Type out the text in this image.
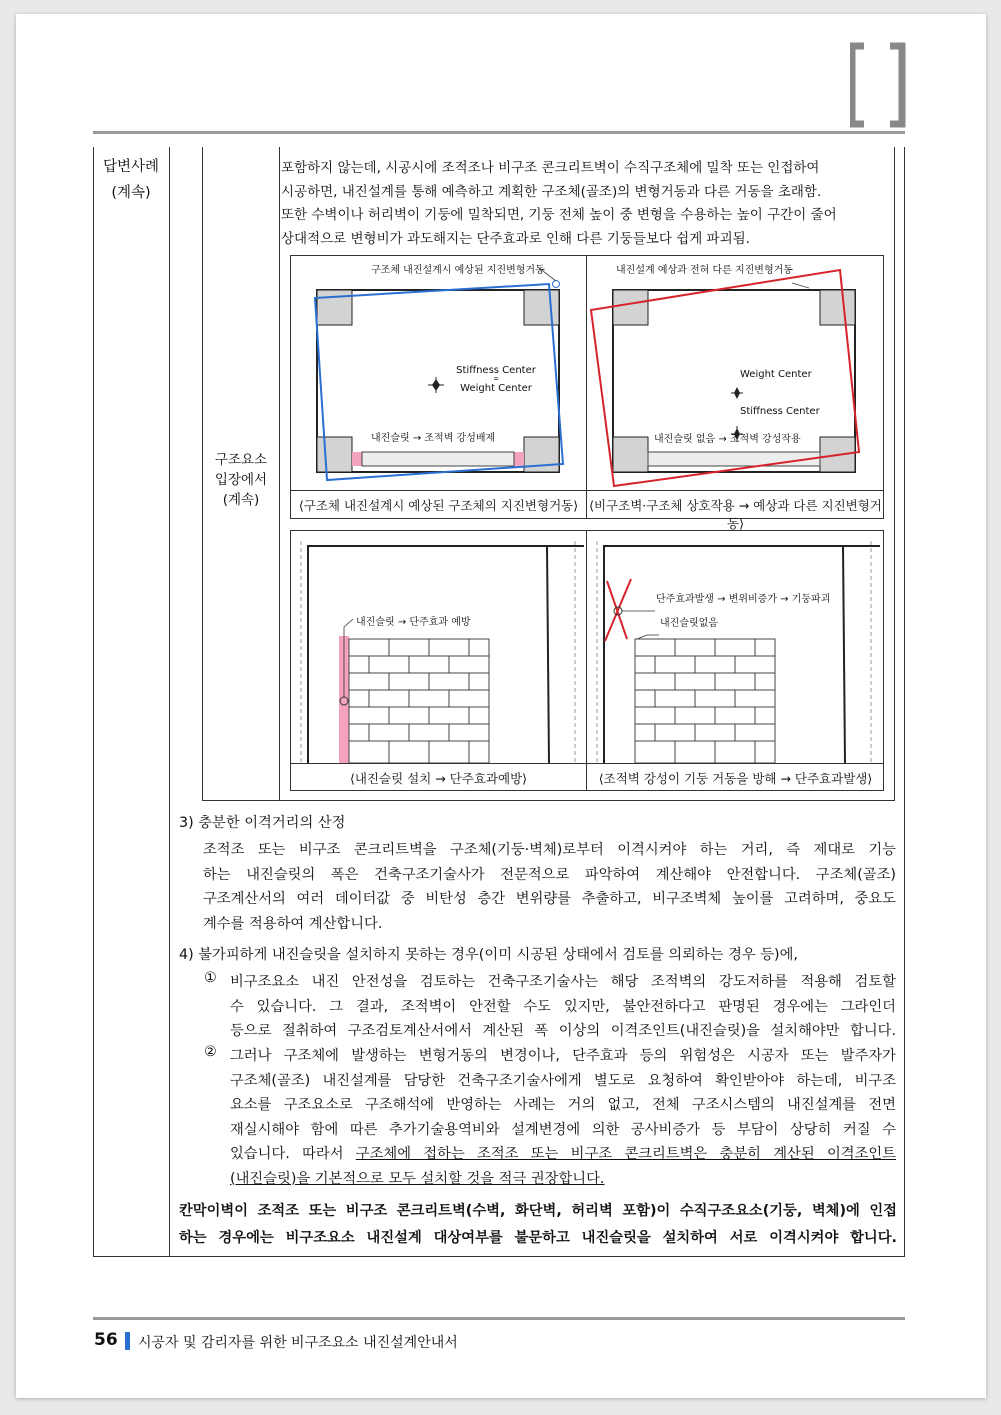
답변사례
(계속)
구조요소
입장에서
(계속)
포함하지 않는데, 시공시에 조적조나 비구조 콘크리트벽이 수직구조체에 밀착 또는 인접하여
시공하면, 내진설계를 통해 예측하고 계획한 구조체(골조)의 변형거동과 다른 거동을 초래함.
또한 수벽이나 허리벽이 기둥에 밀착되면, 기둥 전체 높이 중 변형을 수용하는 높이 구간이 줄어
상대적으로 변형비가 과도해지는 단주효과로 인해 다른 기둥들보다 쉽게 파괴됨.
구조체 내진설계시 예상된 지진변형거동
Stiffness Center
=
Weight Center
내진슬릿 → 조적벽 강성배제
⟨구조체 내진설계시 예상된 구조체의 지진변형거동⟩
내진설계 예상과 전혀 다른 지진변형거동
Weight Center
Stiffness Center
내진슬릿 없음 → 조적벽 강성작용
⟨비구조벽·구조체 상호작용 → 예상과 다른 지진변형거동⟩
내진슬릿 → 단주효과 예방
⟨내진슬릿 설치 → 단주효과예방⟩
단주효과발생 → 변위비증가 → 기둥파괴
내진슬릿없음
⟨조적벽 강성이 기둥 거동을 방해 → 단주효과발생⟩
3) 충분한 이격거리의 산정
조적조 또는 비구조 콘크리트벽을 구조체(기둥·벽체)로부터 이격시켜야 하는 거리, 즉 제대로 기능
하는 내진슬릿의 폭은 건축구조기술사가 전문적으로 파악하여 계산해야 안전합니다. 구조체(골조)
구조계산서의 여러 데이터값 중 비탄성 층간 변위량를 추출하고, 비구조벽체 높이를 고려하며, 중요도
계수를 적용하여 계산합니다.
4) 불가피하게 내진슬릿을 설치하지 못하는 경우(이미 시공된 상태에서 검토를 의뢰하는 경우 등)에,
① 비구조요소 내진 안전성을 검토하는 건축구조기술사는 해당 조적벽의 강도저하를 적용해 검토할
수 있습니다. 그 결과, 조적벽이 안전할 수도 있지만, 불안전하다고 판명된 경우에는 그라인더
등으로 절취하여 구조검토계산서에서 계산된 폭 이상의 이격조인트(내진슬릿)을 설치해야만 합니다.
② 그러나 구조체에 발생하는 변형거동의 변경이나, 단주효과 등의 위험성은 시공자 또는 발주자가
구조체(골조) 내진설계를 담당한 건축구조기술사에게 별도로 요청하여 확인받아야 하는데, 비구조
요소를 구조요소로 구조해석에 반영하는 사례는 거의 없고, 전체 구조시스템의 내진설계를 전면
재실시해야 함에 따른 추가기술용역비와 설계변경에 의한 공사비증가 등 부담이 상당히 커질 수
있습니다. 따라서 구조체에 접하는 조적조 또는 비구조 콘크리트벽은 충분히 계산된 이격조인트
(내진슬릿)을 기본적으로 모두 설치할 것을 적극 권장합니다.
칸막이벽이 조적조 또는 비구조 콘크리트벽(수벽, 화단벽, 허리벽 포함)이 수직구조요소(기둥, 벽체)에 인접
하는 경우에는 비구조요소 내진설계 대상여부를 불문하고 내진슬릿을 설치하여 서로 이격시켜야 합니다.
56 시공자 및 감리자를 위한 비구조요소 내진설계안내서
